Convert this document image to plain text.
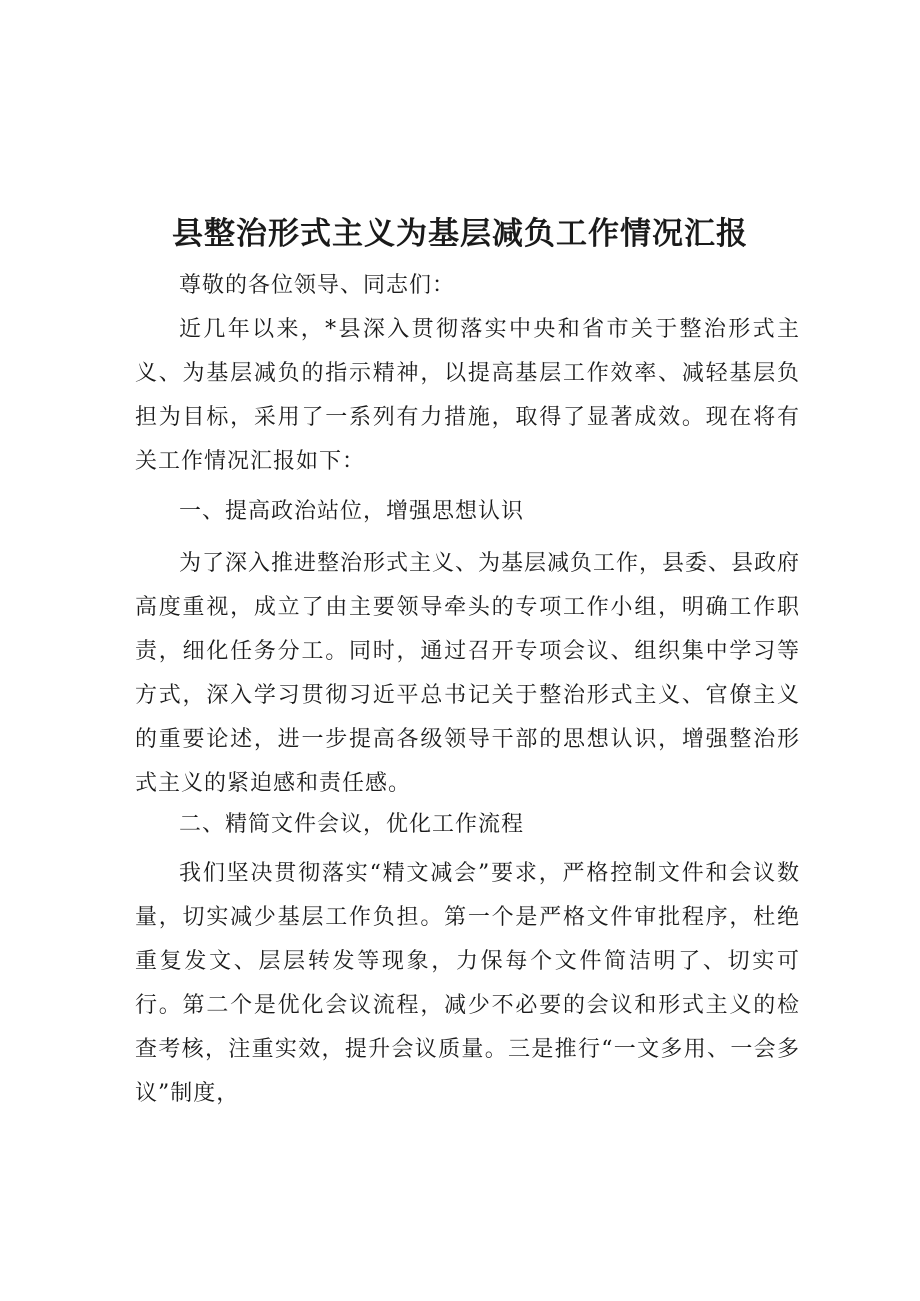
县整治形式主义为基层减负工作情况汇报

尊敬的各位领导、同志们：

近几年以来，*县深入贯彻落实中央和省市关于整治形式主义、为基层减负的指示精神，以提高基层工作效率、减轻基层负担为目标，采用了一系列有力措施，取得了显著成效。现在将有关工作情况汇报如下：

一、提高政治站位，增强思想认识

为了深入推进整治形式主义、为基层减负工作，县委、县政府高度重视，成立了由主要领导牵头的专项工作小组，明确工作职责，细化任务分工。同时，通过召开专项会议、组织集中学习等方式，深入学习贯彻习近平总书记关于整治形式主义、官僚主义的重要论述，进一步提高各级领导干部的思想认识，增强整治形式主义的紧迫感和责任感。

二、精简文件会议，优化工作流程

我们坚决贯彻落实“精文减会”要求，严格控制文件和会议数量，切实减少基层工作负担。第一个是严格文件审批程序，杜绝重复发文、层层转发等现象，力保每个文件简洁明了、切实可行。第二个是优化会议流程，减少不必要的会议和形式主义的检查考核，注重实效，提升会议质量。三是推行“一文多用、一会多议”制度，
